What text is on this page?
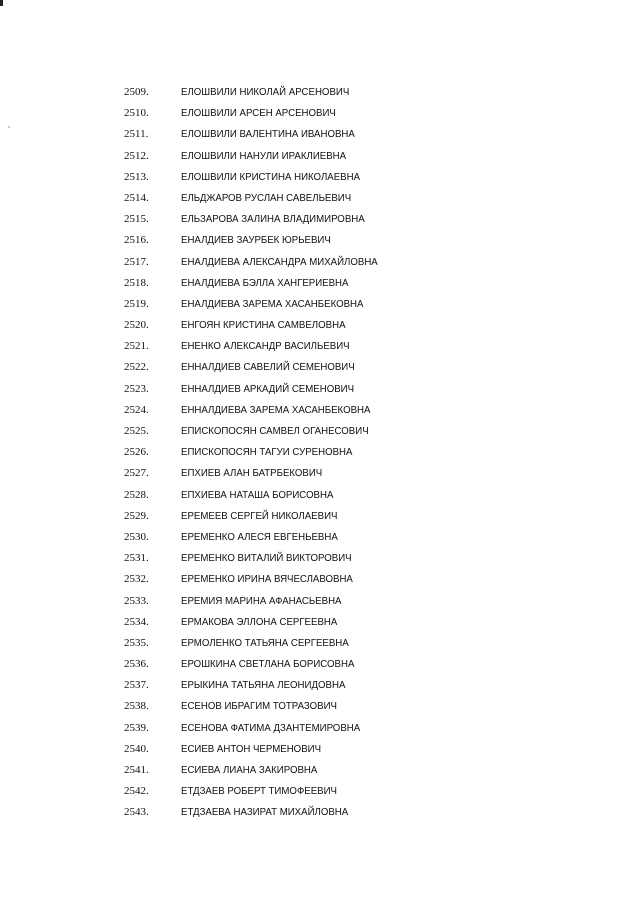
2509.	ЕЛОШВИЛИ НИКОЛАЙ АРСЕНОВИЧ
2510.	ЕЛОШВИЛИ АРСЕН АРСЕНОВИЧ
2511.	ЕЛОШВИЛИ ВАЛЕНТИНА ИВАНОВНА
2512.	ЕЛОШВИЛИ НАНУЛИ ИРАКЛИЕВНА
2513.	ЕЛОШВИЛИ КРИСТИНА НИКОЛАЕВНА
2514.	ЕЛЬДЖАРОВ РУСЛАН САВЕЛЬЕВИЧ
2515.	ЕЛЬЗАРОВА ЗАЛИНА ВЛАДИМИРОВНА
2516.	ЕНАЛДИЕВ ЗАУРБЕК ЮРЬЕВИЧ
2517.	ЕНАЛДИЕВА АЛЕКСАНДРА МИХАЙЛОВНА
2518.	ЕНАЛДИЕВА БЭЛЛА ХАНГЕРИЕВНА
2519.	ЕНАЛДИЕВА ЗАРЕМА ХАСАНБЕКОВНА
2520.	ЕНГОЯН КРИСТИНА САМВЕЛОВНА
2521.	ЕНЕНКО АЛЕКСАНДР ВАСИЛЬЕВИЧ
2522.	ЕННАЛДИЕВ САВЕЛИЙ СЕМЕНОВИЧ
2523.	ЕННАЛДИЕВ АРКАДИЙ СЕМЕНОВИЧ
2524.	ЕННАЛДИЕВА ЗАРЕМА ХАСАНБЕКОВНА
2525.	ЕПИСКОПОСЯН САМВЕЛ ОГАНЕСОВИЧ
2526.	ЕПИСКОПОСЯН ТАГУИ СУРЕНОВНА
2527.	ЕПХИЕВ АЛАН БАТРБЕКОВИЧ
2528.	ЕПХИЕВА НАТАША БОРИСОВНА
2529.	ЕРЕМЕЕВ СЕРГЕЙ НИКОЛАЕВИЧ
2530.	ЕРЕМЕНКО АЛЕСЯ ЕВГЕНЬЕВНА
2531.	ЕРЕМЕНКО ВИТАЛИЙ ВИКТОРОВИЧ
2532.	ЕРЕМЕНКО ИРИНА ВЯЧЕСЛАВОВНА
2533.	ЕРЕМИЯ МАРИНА АФАНАСЬЕВНА
2534.	ЕРМАКОВА ЭЛЛОНА СЕРГЕЕВНА
2535.	ЕРМОЛЕНКО ТАТЬЯНА СЕРГЕЕВНА
2536.	ЕРОШКИНА СВЕТЛАНА БОРИСОВНА
2537.	ЕРЫКИНА ТАТЬЯНА ЛЕОНИДОВНА
2538.	ЕСЕНОВ ИБРАГИМ ТОТРАЗОВИЧ
2539.	ЕСЕНОВА ФАТИМА ДЗАНТЕМИРОВНА
2540.	ЕСИЕВ АНТОН ЧЕРМЕНОВИЧ
2541.	ЕСИЕВА ЛИАНА ЗАКИРОВНА
2542.	ЕТДЗАЕВ РОБЕРТ ТИМОФЕЕВИЧ
2543.	ЕТДЗАЕВА НАЗИРАТ МИХАЙЛОВНА
